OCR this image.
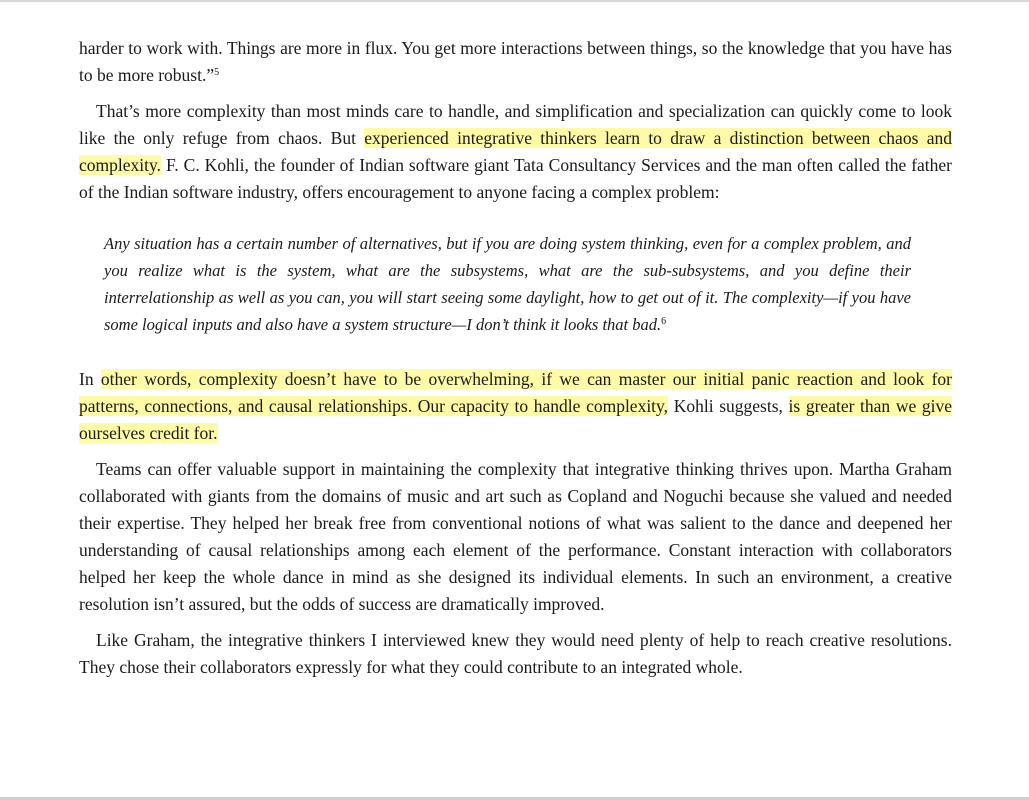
harder to work with. Things are more in flux. You get more interactions between things, so the knowledge that you have has to be more robust.”$^5$

That’s more complexity than most minds care to handle, and simplification and specialization can quickly come to look like the only refuge from chaos. But experienced integrative thinkers learn to draw a distinction between chaos and complexity. F. C. Kohli, the founder of Indian software giant Tata Consultancy Services and the man often called the father of the Indian software industry, offers encouragement to anyone facing a complex problem:

Any situation has a certain number of alternatives, but if you are doing system thinking, even for a complex problem, and you realize what is the system, what are the subsystems, what are the sub-subsystems, and you define their interrelationship as well as you can, you will start seeing some daylight, how to get out of it. The complexity—if you have some logical inputs and also have a system structure—I don’t think it looks that bad.$^6$

In other words, complexity doesn’t have to be overwhelming, if we can master our initial panic reaction and look for patterns, connections, and causal relationships. Our capacity to handle complexity, Kohli suggests, is greater than we give ourselves credit for.

Teams can offer valuable support in maintaining the complexity that integrative thinking thrives upon. Martha Graham collaborated with giants from the domains of music and art such as Copland and Noguchi because she valued and needed their expertise. They helped her break free from conventional notions of what was salient to the dance and deepened her understanding of causal relationships among each element of the performance. Constant interaction with collaborators helped her keep the whole dance in mind as she designed its individual elements. In such an environment, a creative resolution isn’t assured, but the odds of success are dramatically improved.

Like Graham, the integrative thinkers I interviewed knew they would need plenty of help to reach creative resolutions. They chose their collaborators expressly for what they could contribute to an integrated whole.
